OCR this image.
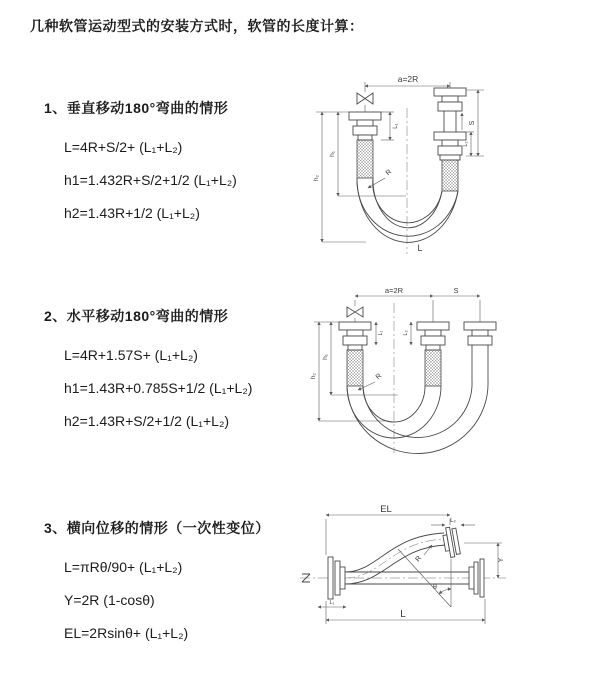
几种软管运动型式的安装方式时，软管的长度计算：
1、垂直移动180°弯曲的情形
L=4R+S/2+ (L₁+L₂)
h1=1.432R+S/2+1/2 (L₁+L₂)
h2=1.43R+1/2 (L₁+L₂)
2、水平移动180°弯曲的情形
L=4R+1.57S+ (L₁+L₂)
h1=1.43R+0.785S+1/2 (L₁+L₂)
h2=1.43R+S/2+1/2 (L₁+L₂)
3、横向位移的情形（一次性变位）
L=πRθ/90+ (L₁+L₂)
Y=2R (1-cosθ)
EL=2Rsinθ+ (L₁+L₂)
a=2R
L₁
h₁
h₂
S
L₂
R
L
a=2R	S
L₁	L₂
h₁
h₂	R
EL
L₂
Y
θ
R
L₁
L
